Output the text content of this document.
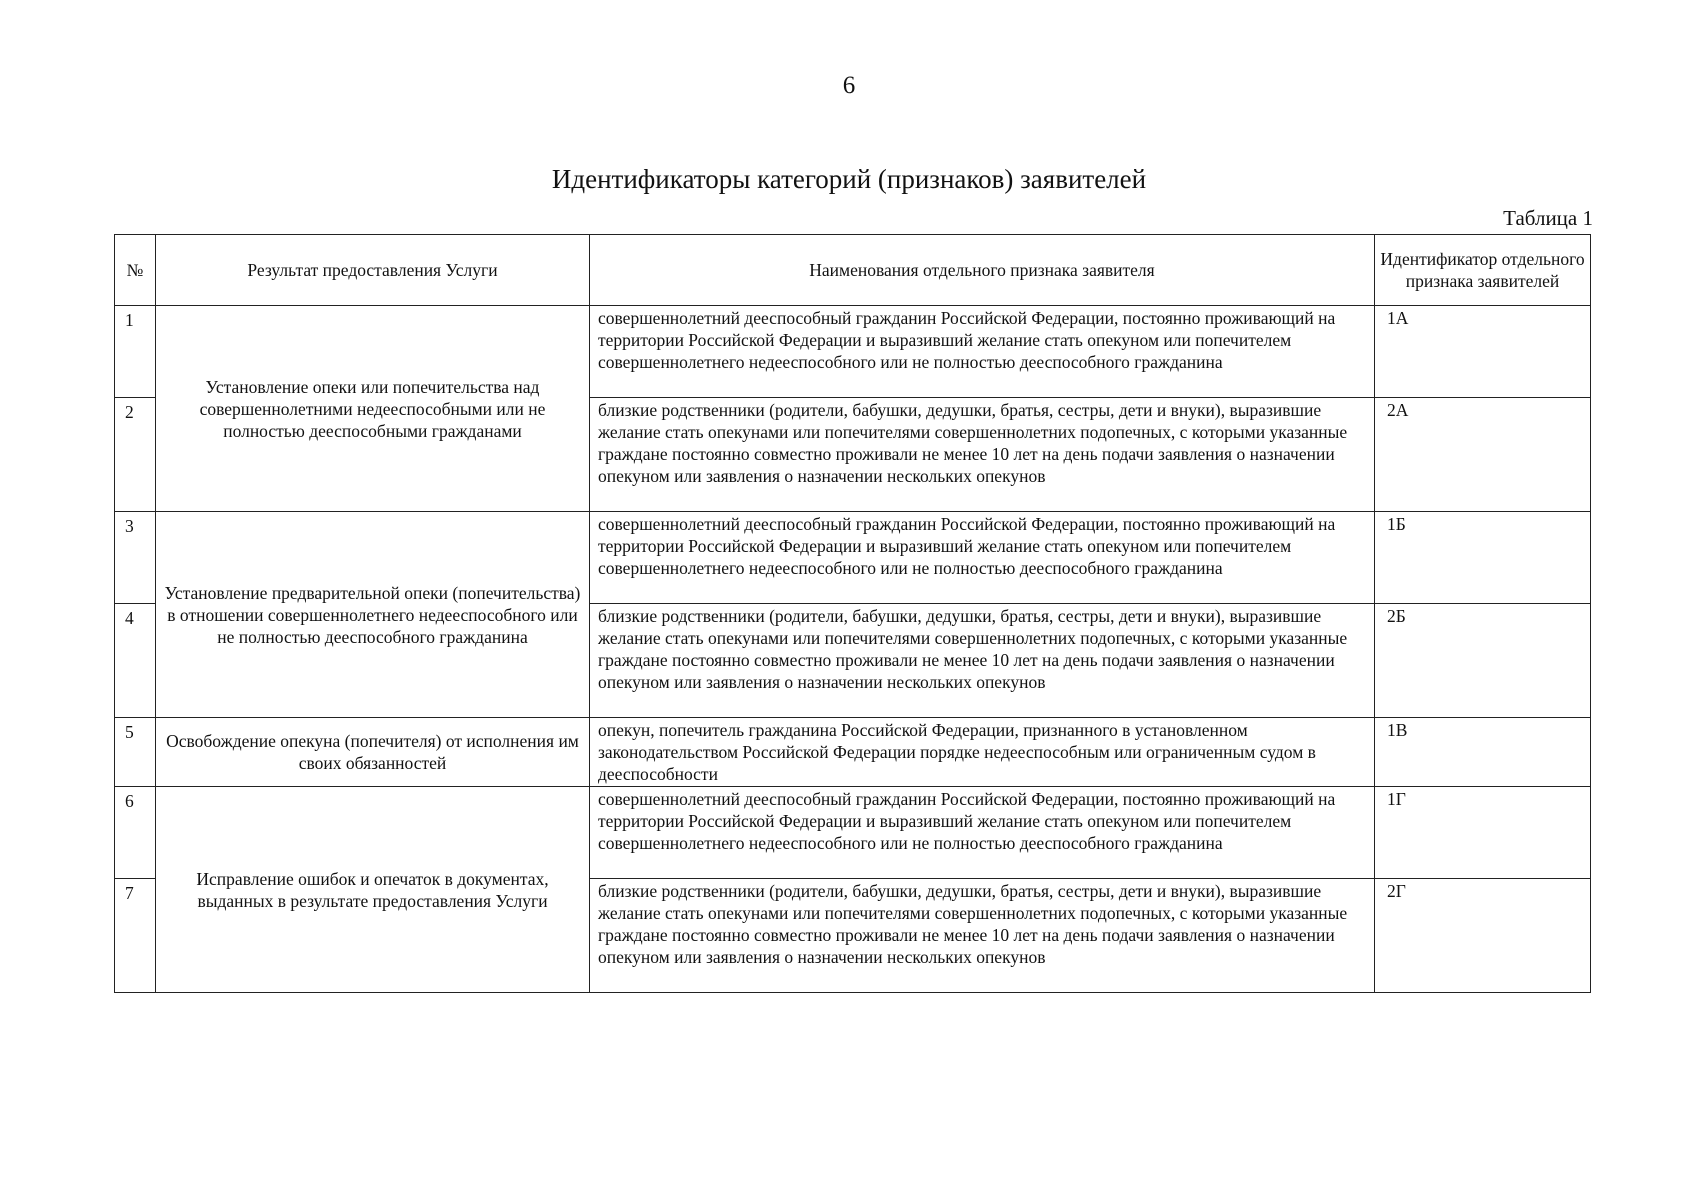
6
Идентификаторы категорий (признаков) заявителей
Таблица 1
№	Результат предоставления Услуги	Наименования отдельного признака заявителя	Идентификатор отдельного признака заявителей
1	Установление опеки или попечительства над совершеннолетними недееспособными или не полностью дееспособными гражданами	совершеннолетний дееспособный гражданин Российской Федерации, постоянно проживающий на территории Российской Федерации и выразивший желание стать опекуном или попечителем совершеннолетнего недееспособного или не полностью дееспособного гражданина	1А
2		близкие родственники (родители, бабушки, дедушки, братья, сестры, дети и внуки), выразившие желание стать опекунами или попечителями совершеннолетних подопечных, с которыми указанные граждане постоянно совместно проживали не менее 10 лет на день подачи заявления о назначении опекуном или заявления о назначении нескольких опекунов	2А
3	Установление предварительной опеки (попечительства) в отношении совершеннолетнего недееспособного или не полностью дееспособного гражданина	совершеннолетний дееспособный гражданин Российской Федерации, постоянно проживающий на территории Российской Федерации и выразивший желание стать опекуном или попечителем совершеннолетнего недееспособного или не полностью дееспособного гражданина	1Б
4		близкие родственники (родители, бабушки, дедушки, братья, сестры, дети и внуки), выразившие желание стать опекунами или попечителями совершеннолетних подопечных, с которыми указанные граждане постоянно совместно проживали не менее 10 лет на день подачи заявления о назначении опекуном или заявления о назначении нескольких опекунов	2Б
5	Освобождение опекуна (попечителя) от исполнения им своих обязанностей	опекун, попечитель гражданина Российской Федерации, признанного в установленном законодательством Российской Федерации порядке недееспособным или ограниченным судом в дееспособности	1В
6	Исправление ошибок и опечаток в документах, выданных в результате предоставления Услуги	совершеннолетний дееспособный гражданин Российской Федерации, постоянно проживающий на территории Российской Федерации и выразивший желание стать опекуном или попечителем совершеннолетнего недееспособного или не полностью дееспособного гражданина	1Г
7		близкие родственники (родители, бабушки, дедушки, братья, сестры, дети и внуки), выразившие желание стать опекунами или попечителями совершеннолетних подопечных, с которыми указанные граждане постоянно совместно проживали не менее 10 лет на день подачи заявления о назначении опекуном или заявления о назначении нескольких опекунов	2Г
